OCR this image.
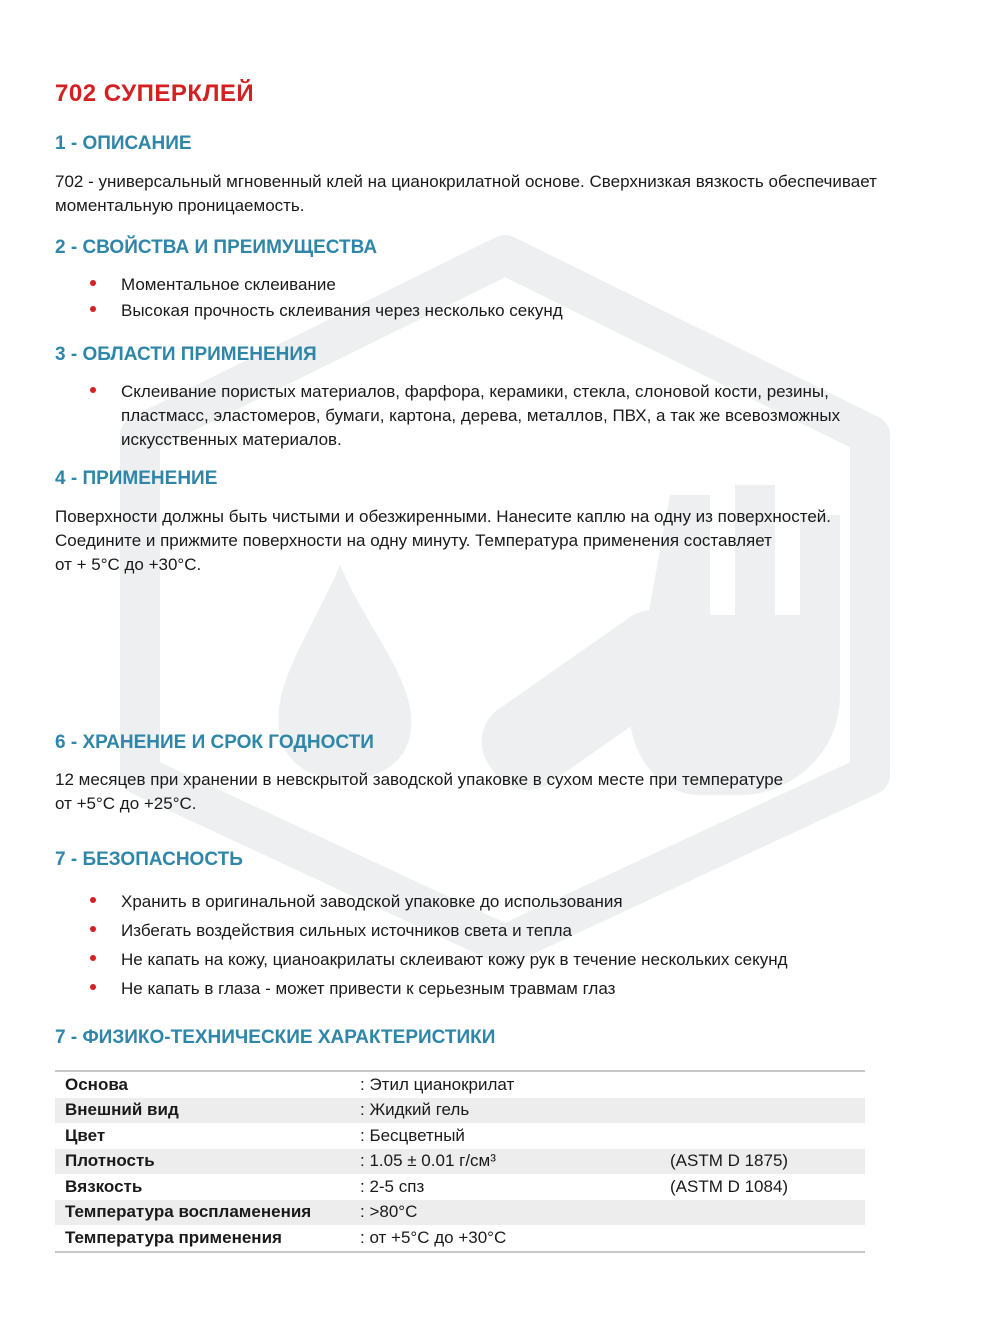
702 СУПЕРКЛЕЙ
1 - ОПИСАНИЕ

702 - универсальный мгновенный клей на цианокрилатной основе. Сверхнизкая вязкость обеспечивает моментальную проницаемость.

2 - СВОЙСТВА И ПРЕИМУЩЕСТВА
Моментальное склеивание
Высокая прочность склеивания через несколько секунд
3 - ОБЛАСТИ ПРИМЕНЕНИЯ
Склеивание пористых материалов, фарфора, керамики, стекла, слоновой кости, резины, пластмасс, эластомеров, бумаги, картона, дерева, металлов, ПВХ, а так же всевозможных искусственных материалов.
4 - ПРИМЕНЕНИЕ
Поверхности должны быть чистыми и обезжиренными. Нанесите каплю на одну из поверхностей.
Соедините и прижмите поверхности на одну минуту. Температура применения составляет
от + 5°С до +30°С.
6 - ХРАНЕНИЕ И СРОК ГОДНОСТИ
12 месяцев при хранении в невскрытой заводской упаковке в сухом месте при температуре
от +5°С до +25°С.
7 - БЕЗОПАСНОСТЬ
Хранить в оригинальной заводской упаковке до использования
Избегать воздействия сильных источников света и тепла
Не капать на кожу, цианоакрилаты склеивают кожу рук в течение нескольких секунд
Не капать в глаза - может привести к серьезным травмам глаз
7 - ФИЗИКО-ТЕХНИЧЕСКИЕ ХАРАКТЕРИСТИКИ
Основа	: Этил цианокрилат	
Внешний вид	: Жидкий гель	
Цвет	: Бесцветный	
Плотность	: 1.05 ± 0.01 г/см³	(ASTM D 1875)
Вязкость	: 2-5 спз	(ASTM D 1084)
Температура воспламенения	: >80°С	
Температура применения	: от +5°С до +30°С	
